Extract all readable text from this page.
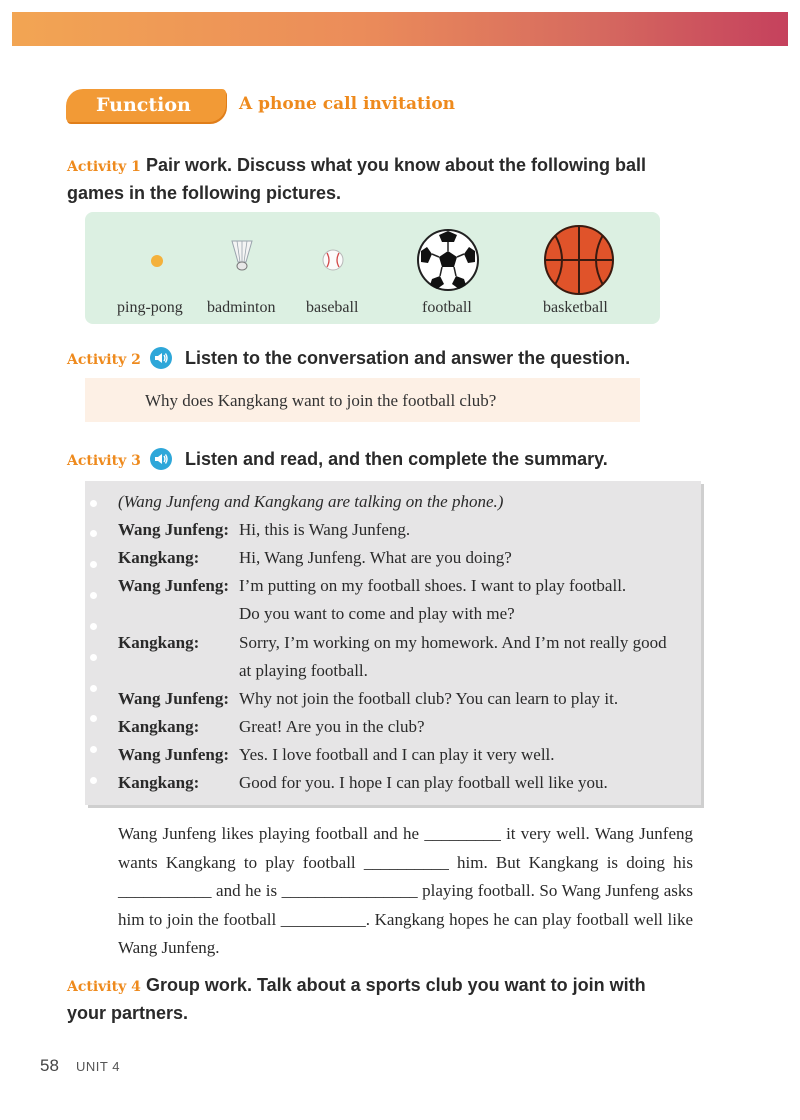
Function	A phone call invitation
Activity 1 Pair work. Discuss what you know about the following ball
games in the following pictures.
ping-pong badminton baseball	football	basketball
Activity 2 Listen to the conversation and answer the question.
Why does Kangkang want to join the football club?
Activity 3 Listen and read, and then complete the summary.
(Wang Junfeng and Kangkang are talking on the phone.)
Wang Junfeng: Hi, this is Wang Junfeng.
Kangkang: Hi, Wang Junfeng. What are you doing?
Wang Junfeng: I’m putting on my football shoes. I want to play football.
Do you want to come and play with me?
Kangkang: Sorry, I’m working on my homework. And I’m not really good
at playing football.
Wang Junfeng: Why not join the football club? You can learn to play it.
Kangkang: Great! Are you in the club?
Wang Junfeng: Yes. I love football and I can play it very well.
Kangkang: Good for you. I hope I can play football well like you.
Wang Junfeng likes playing football and he _________ it very well. Wang Junfeng wants Kangkang to play football __________ him. But Kangkang is doing his ___________ and he is ________________ playing football. So Wang Junfeng asks him to join the football __________. Kangkang hopes he can play football well like Wang Junfeng.
Activity 4 Group work. Talk about a sports club you want to join with
your partners.
58 UNIT 4
